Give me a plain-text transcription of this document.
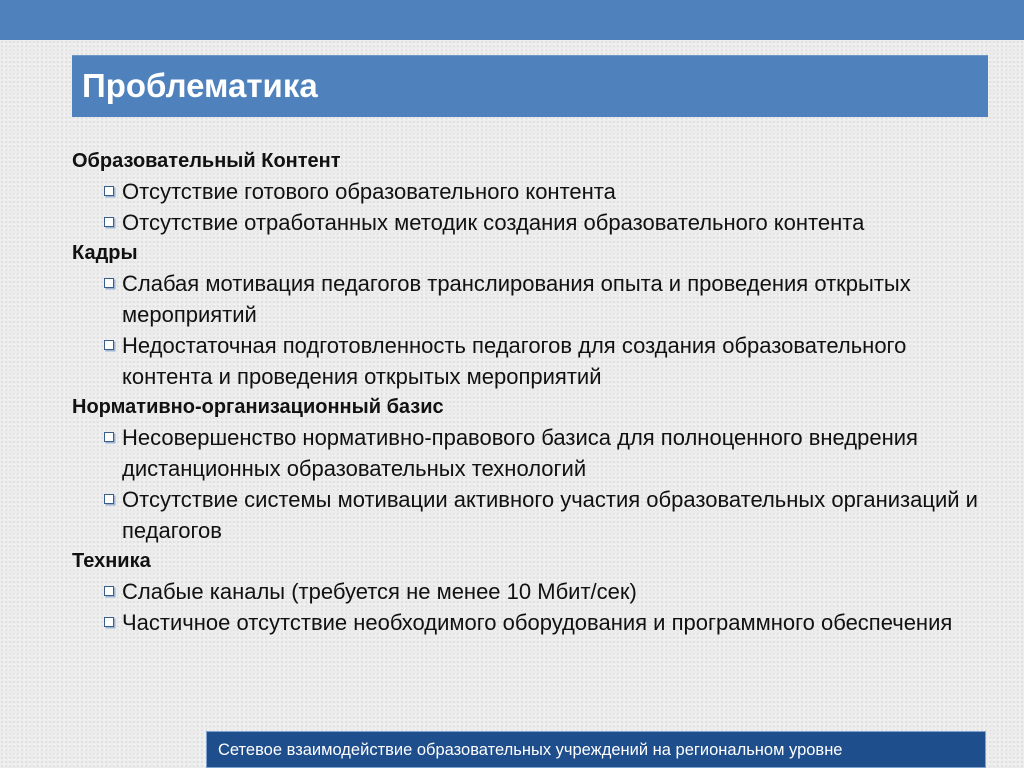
Проблематика
Образовательный Контент
Отсутствие готового образовательного контента
Отсутствие отработанных методик создания образовательного контента
Кадры
Слабая мотивация педагогов транслирования опыта и проведения открытых мероприятий
Недостаточная подготовленность педагогов для создания образовательного контента и проведения открытых мероприятий
Нормативно-организационный базис
Несовершенство нормативно-правового базиса для полноценного внедрения дистанционных образовательных технологий
Отсутствие системы мотивации активного участия образовательных организаций и педагогов
Техника
Слабые каналы (требуется не менее 10 Мбит/сек)
Частичное отсутствие необходимого оборудования и программного обеспечения
Сетевое взаимодействие образовательных учреждений на региональном уровне
